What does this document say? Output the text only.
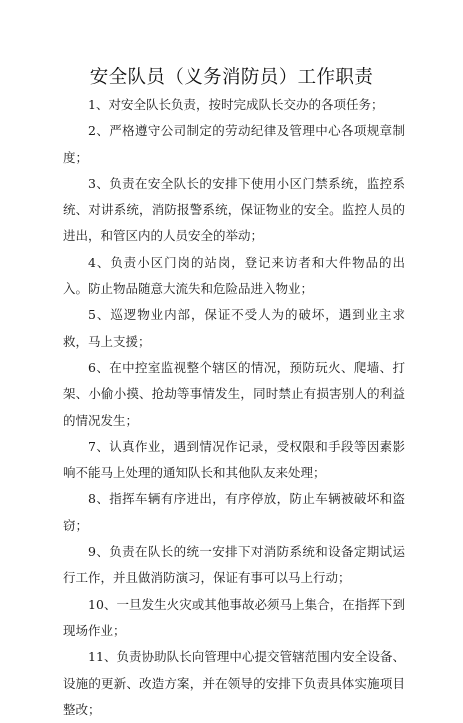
安全队员（义务消防员）工作职责

1、对安全队长负责，按时完成队长交办的各项任务；

2、严格遵守公司制定的劳动纪律及管理中心各项规章制度；

3、负责在安全队长的安排下使用小区门禁系统，监控系统、对讲系统，消防报警系统，保证物业的安全。监控人员的进出，和管区内的人员安全的举动；

4、负责小区门岗的站岗，登记来访者和大件物品的出入。防止物品随意大流失和危险品进入物业；

5、巡逻物业内部，保证不受人为的破坏，遇到业主求救，马上支援；

6、在中控室监视整个辖区的情况，预防玩火、爬墙、打架、小偷小摸、抢劫等事情发生，同时禁止有损害别人的利益的情况发生；

7、认真作业，遇到情况作记录，受权限和手段等因素影响不能马上处理的通知队长和其他队友来处理；

8、指挥车辆有序进出，有序停放，防止车辆被破坏和盗窃；

9、负责在队长的统一安排下对消防系统和设备定期试运行工作，并且做消防演习，保证有事可以马上行动；

10、一旦发生火灾或其他事故必须马上集合，在指挥下到现场作业；

11、负责协助队长向管理中心提交管辖范围内安全设备、设施的更新、改造方案，并在领导的安排下负责具体实施项目整改；
